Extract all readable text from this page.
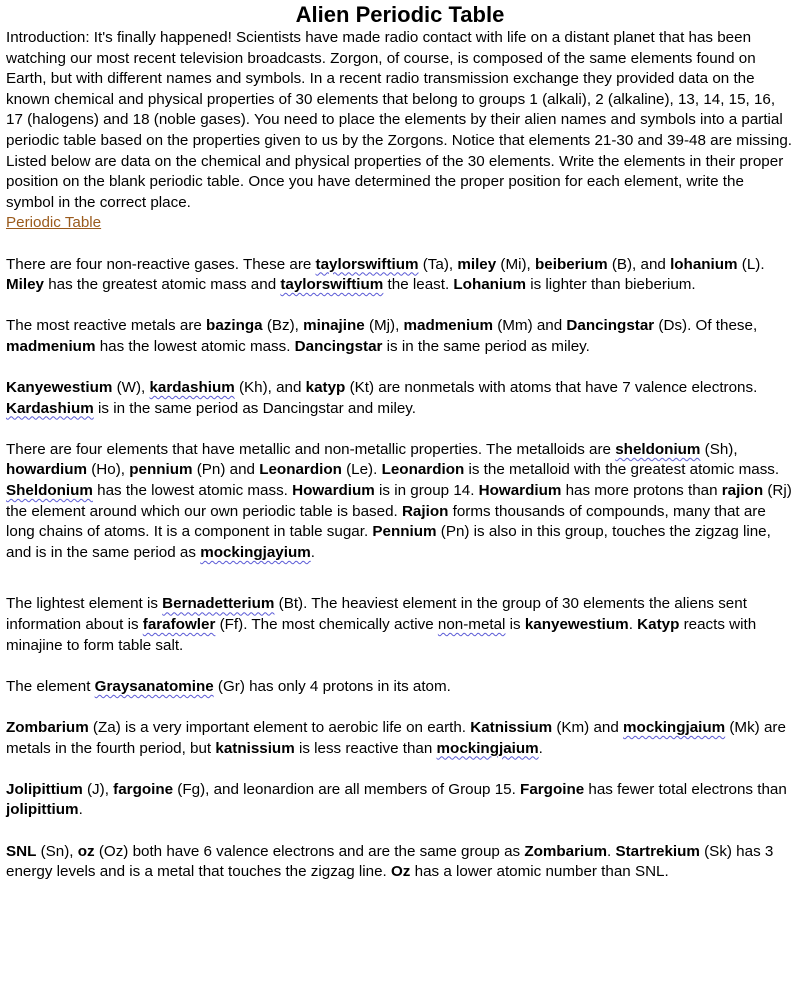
Alien Periodic Table

Introduction: It's finally happened! Scientists have made radio contact with life on a distant planet that has been watching our most recent television broadcasts. Zorgon, of course, is composed of the same elements found on Earth, but with different names and symbols. In a recent radio transmission exchange they provided data on the known chemical and physical properties of 30 elements that belong to groups 1 (alkali), 2 (alkaline), 13, 14, 15, 16, 17 (halogens) and 18 (noble gases). You need to place the elements by their alien names and symbols into a partial periodic table based on the properties given to us by the Zorgons. Notice that elements 21-30 and 39-48 are missing.

Listed below are data on the chemical and physical properties of the 30 elements. Write the elements in their proper position on the blank periodic table. Once you have determined the proper position for each element, write the symbol in the correct place.

Periodic Table

There are four non-reactive gases. These are taylorswiftium (Ta), miley (Mi), beiberium (B), and lohanium (L). Miley has the greatest atomic mass and taylorswiftium the least. Lohanium is lighter than bieberium.

The most reactive metals are bazinga (Bz), minajine (Mj), madmenium (Mm) and Dancingstar (Ds). Of these, madmenium has the lowest atomic mass. Dancingstar is in the same period as miley.

Kanyewestium (W), kardashium (Kh), and katyp (Kt) are nonmetals with atoms that have 7 valence electrons. Kardashium is in the same period as Dancingstar and miley.

There are four elements that have metallic and non-metallic properties. The metalloids are sheldonium (Sh), howardium (Ho), pennium (Pn) and Leonardion (Le). Leonardion is the metalloid with the greatest atomic mass. Sheldonium has the lowest atomic mass. Howardium is in group 14. Howardium has more protons than rajion (Rj) the element around which our own periodic table is based. Rajion forms thousands of compounds, many that are long chains of atoms. It is a component in table sugar. Pennium (Pn) is also in this group, touches the zigzag line, and is in the same period as mockingjayium.

The lightest element is Bernadetterium (Bt). The heaviest element in the group of 30 elements the aliens sent information about is farafowler (Ff). The most chemically active non-metal is kanyewestium. Katyp reacts with minajine to form table salt.

The element Graysanatomine (Gr) has only 4 protons in its atom.

Zombarium (Za) is a very important element to aerobic life on earth. Katnissium (Km) and mockingjaium (Mk) are metals in the fourth period, but katnissium is less reactive than mockingjaium.

Jolipittium (J), fargoine (Fg), and leonardion are all members of Group 15. Fargoine has fewer total electrons than jolipittium.

SNL (Sn), oz (Oz) both have 6 valence electrons and are the same group as Zombarium. Startrekium (Sk) has 3 energy levels and is a metal that touches the zigzag line. Oz has a lower atomic number than SNL.
